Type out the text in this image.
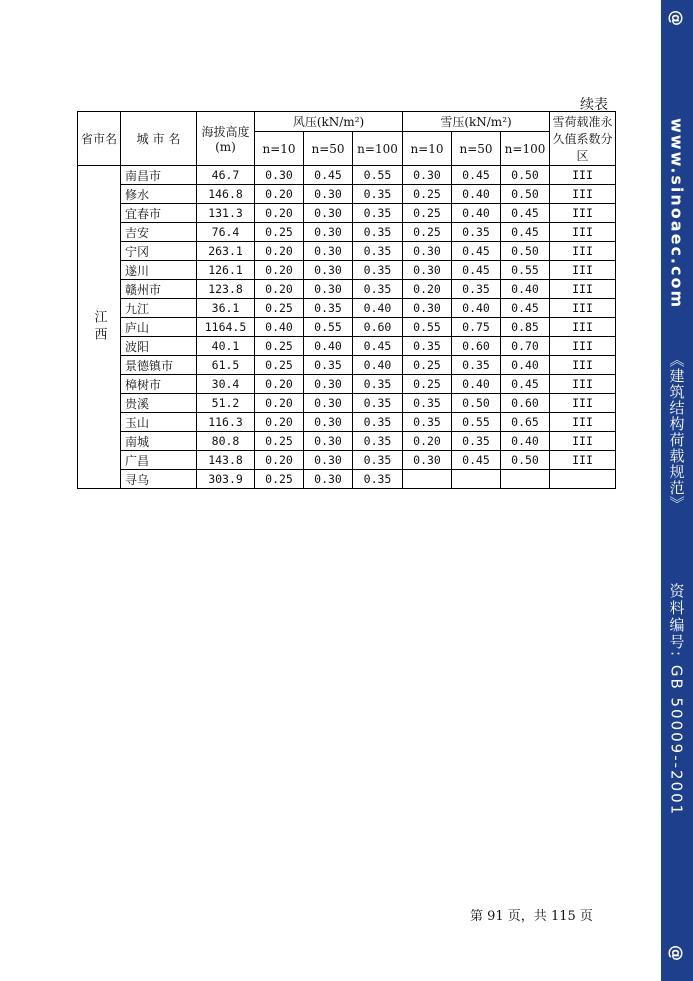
@
www.sinoaec.com
《建筑结构荷载规范》
资料编号: GB 50009--2001
@
续表
省市名	城 市 名	海拔高度(m)	风压(kN/m²)			雪压(kN/m²)			雪荷载准永久值系数分区
			n=10	n=50	n=100	n=10	n=50	n=100	
江西	南昌市	46.7	0.30	0.45	0.55	0.30	0.45	0.50	III
	修水	146.8	0.20	0.30	0.35	0.25	0.40	0.50	III
	宜春市	131.3	0.20	0.30	0.35	0.25	0.40	0.45	III
	吉安	76.4	0.25	0.30	0.35	0.25	0.35	0.45	III
	宁冈	263.1	0.20	0.30	0.35	0.30	0.45	0.50	III
	遂川	126.1	0.20	0.30	0.35	0.30	0.45	0.55	III
	赣州市	123.8	0.20	0.30	0.35	0.20	0.35	0.40	III
	九江	36.1	0.25	0.35	0.40	0.30	0.40	0.45	III
	庐山	1164.5	0.40	0.55	0.60	0.55	0.75	0.85	III
	波阳	40.1	0.25	0.40	0.45	0.35	0.60	0.70	III
	景德镇市	61.5	0.25	0.35	0.40	0.25	0.35	0.40	III
	樟树市	30.4	0.20	0.30	0.35	0.25	0.40	0.45	III
	贵溪	51.2	0.20	0.30	0.35	0.35	0.50	0.60	III
	玉山	116.3	0.20	0.30	0.35	0.35	0.55	0.65	III
	南城	80.8	0.25	0.30	0.35	0.20	0.35	0.40	III
	广昌	143.8	0.20	0.30	0.35	0.30	0.45	0.50	III
	寻乌	303.9	0.25	0.30	0.35				
第 91 页，共 115 页
